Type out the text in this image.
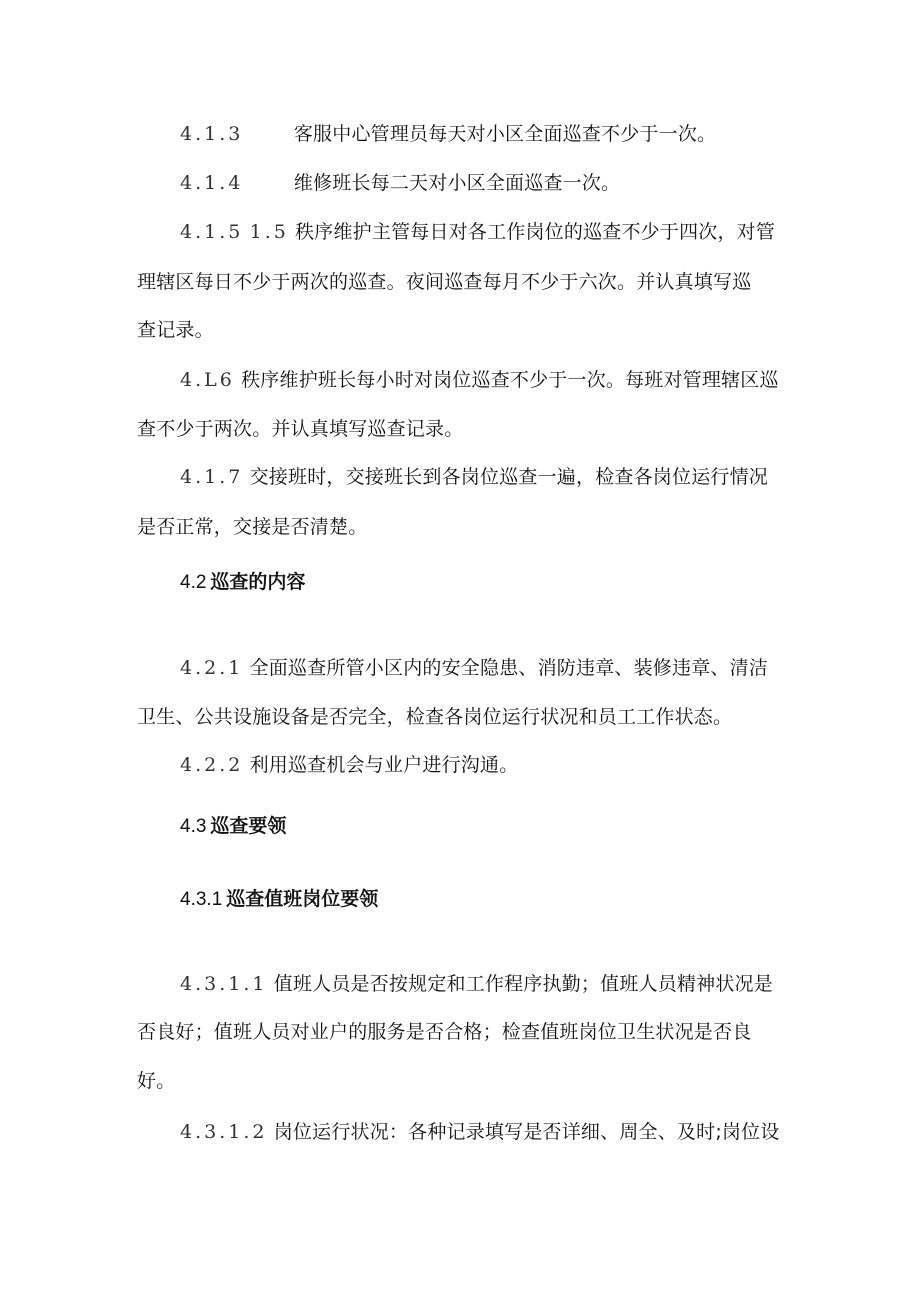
4.1.3	客服中心管理员每天对小区全面巡查不少于一次。
4.1.4	维修班长每二天对小区全面巡查一次。
4.1.5 1.5 秩序维护主管每日对各工作岗位的巡查不少于四次，对管
理辖区每日不少于两次的巡查。夜间巡查每月不少于六次。并认真填写巡
查记录。
4.L6 秩序维护班长每小时对岗位巡查不少于一次。每班对管理辖区巡
查不少于两次。并认真填写巡查记录。
4.1.7 交接班时，交接班长到各岗位巡查一遍，检查各岗位运行情况
是否正常，交接是否清楚。
4.2 巡查的内容
4.2.1 全面巡查所管小区内的安全隐患、消防违章、装修违章、清洁
卫生、公共设施设备是否完全，检查各岗位运行状况和员工工作状态。
4.2.2 利用巡查机会与业户进行沟通。
4.3 巡查要领
4.3.1 巡查值班岗位要领
4.3.1.1 值班人员是否按规定和工作程序执勤；值班人员精神状况是
否良好；值班人员对业户的服务是否合格；检查值班岗位卫生状况是否良
好。
4.3.1.2 岗位运行状况：各种记录填写是否详细、周全、及时;岗位设
